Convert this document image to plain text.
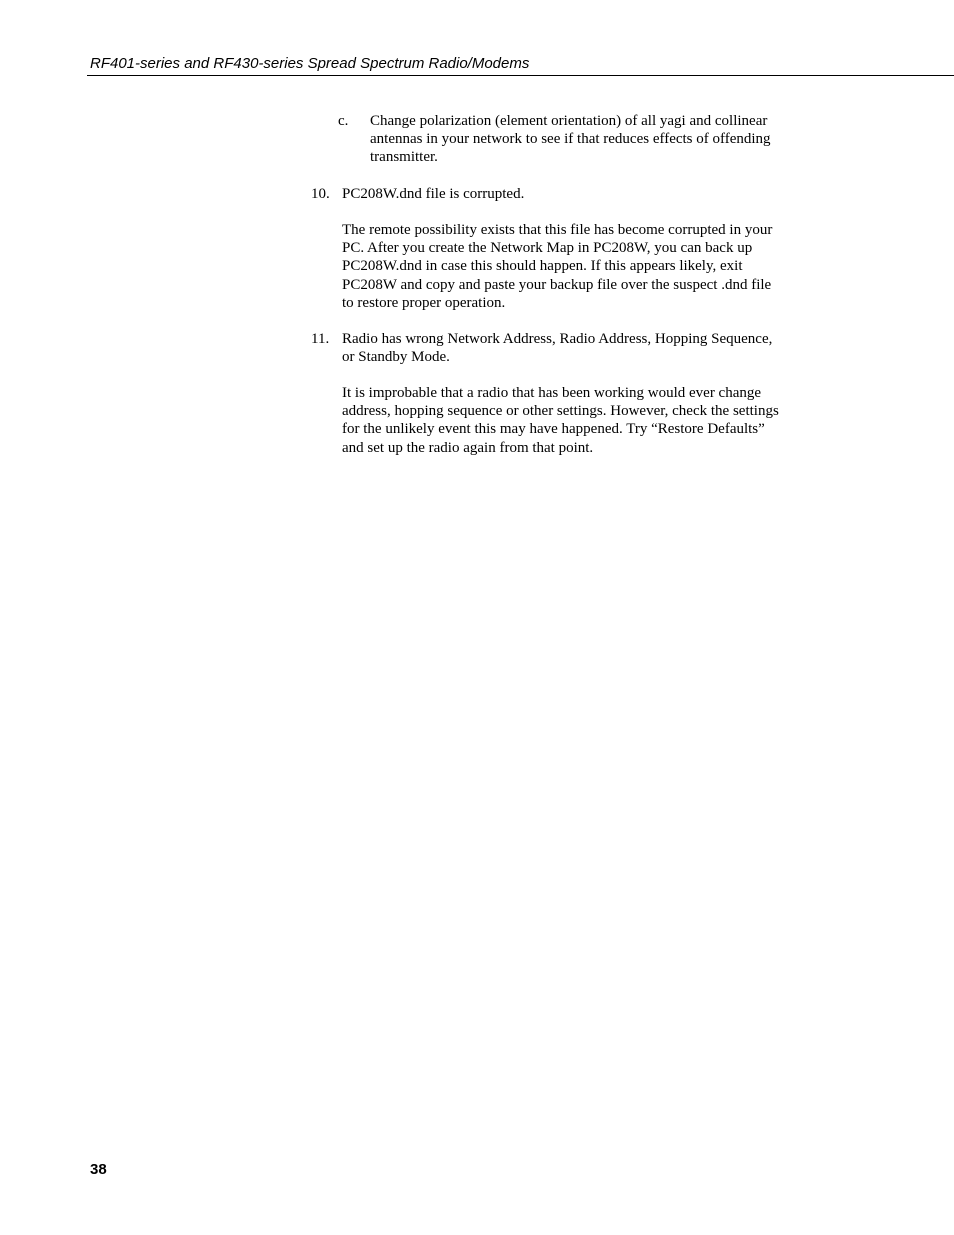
RF401-series and RF430-series Spread Spectrum Radio/Modems
c. Change polarization (element orientation) of all yagi and collinear
antennas in your network to see if that reduces effects of offending
transmitter.
10. PC208W.dnd file is corrupted.
The remote possibility exists that this file has become corrupted in your
PC. After you create the Network Map in PC208W, you can back up
PC208W.dnd in case this should happen. If this appears likely, exit
PC208W and copy and paste your backup file over the suspect .dnd file
to restore proper operation.
11. Radio has wrong Network Address, Radio Address, Hopping Sequence,
or Standby Mode.
It is improbable that a radio that has been working would ever change
address, hopping sequence or other settings. However, check the settings
for the unlikely event this may have happened. Try “Restore Defaults”
and set up the radio again from that point.
38
